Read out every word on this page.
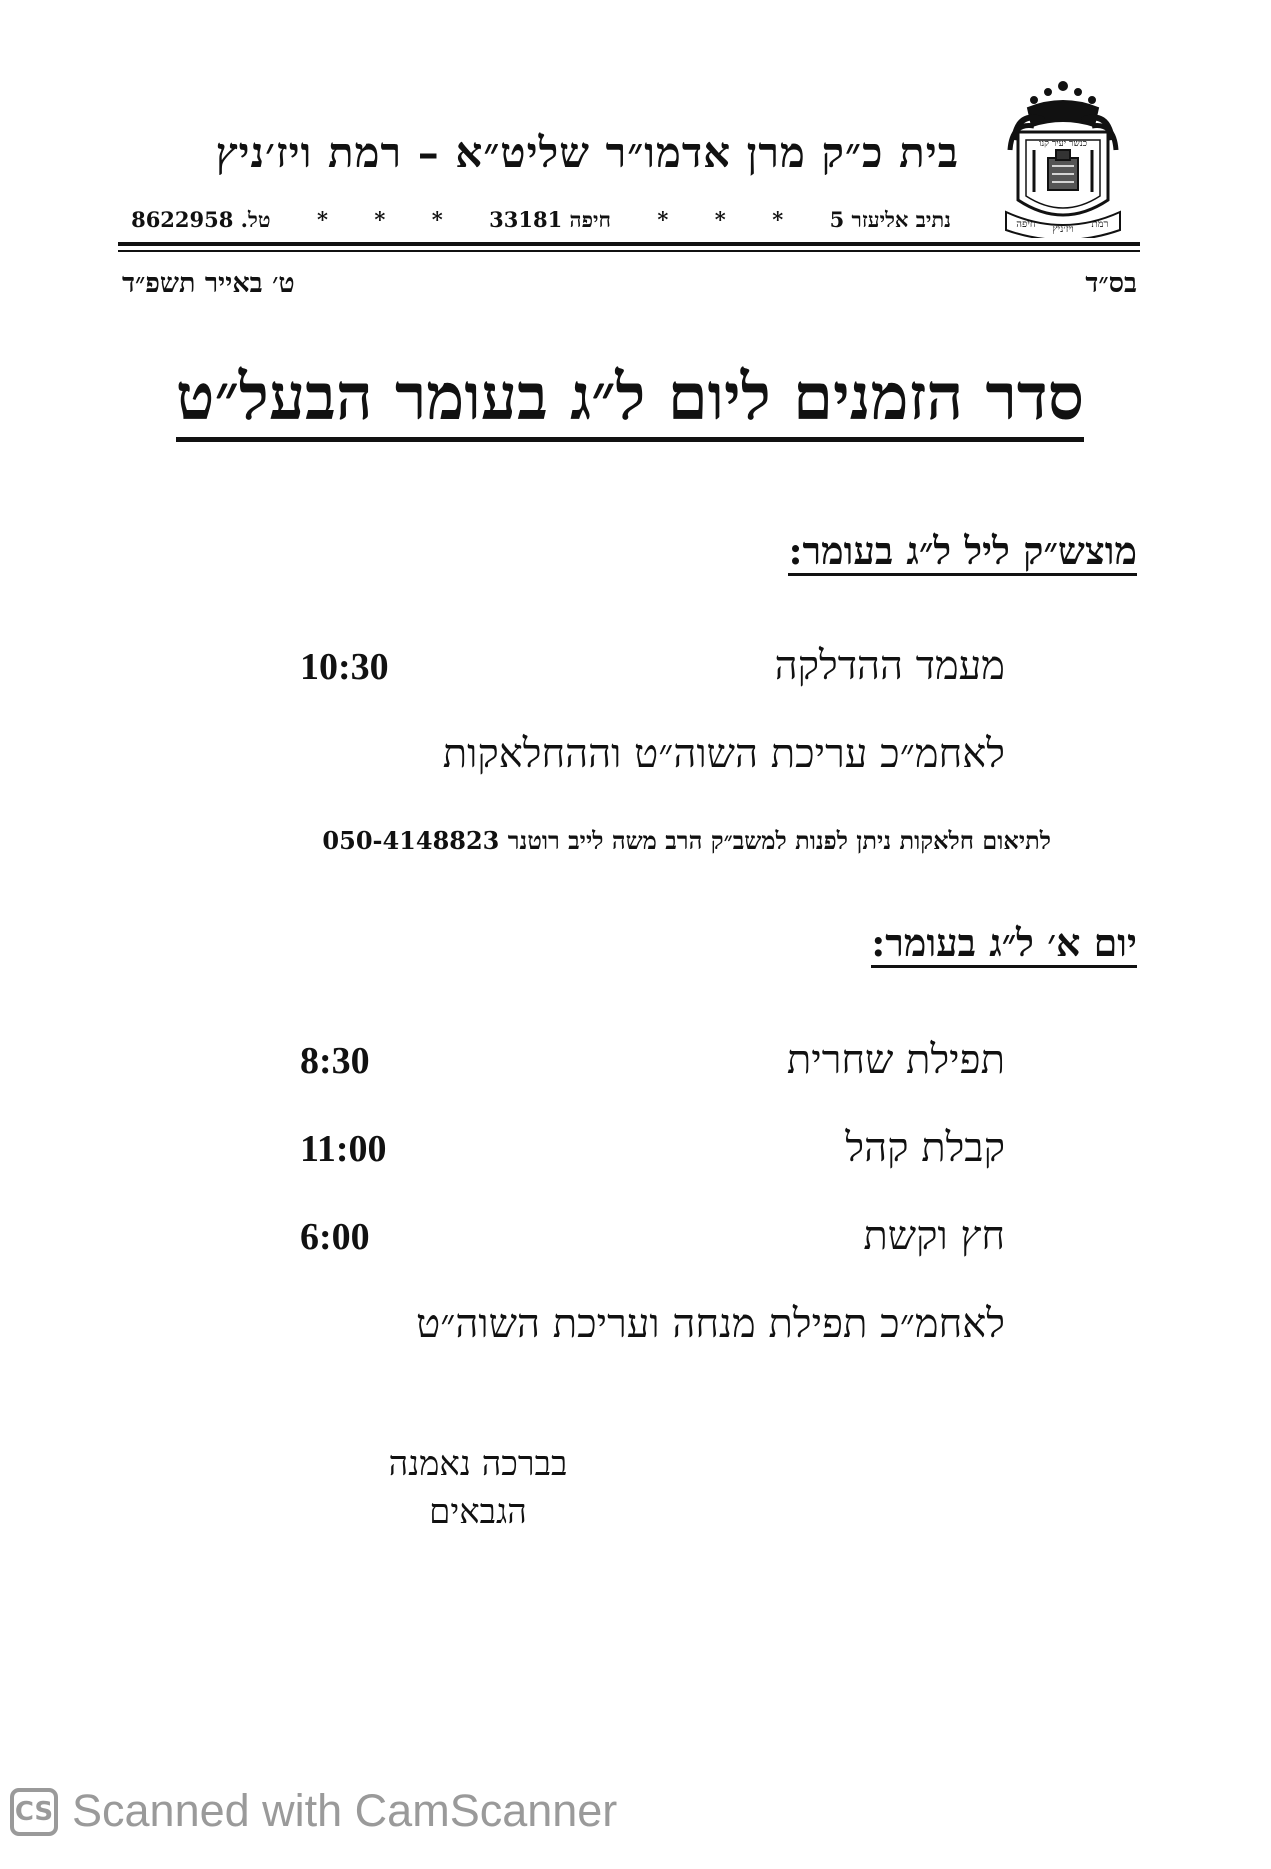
כנשר יעיר קנו
חיפה ויז׳ניץ רמת
בית כ״ק מרן אדמו״ר שליט״א – רמת ויז׳ניץ
נתיב אליעזר 5
*
*
*
חיפה 33181
*
*
*
טל. 8622958
בס״ד
ט׳ באייר תשפ״ד
סדר הזמנים ליום ל״ג בעומר הבעל״ט
מוצש״ק ליל ל״ג בעומר:
מעמד ההדלקה
10:30
לאחמ״כ עריכת השוה״ט וההחלאקות
לתיאום חלאקות ניתן לפנות למשב״ק הרב משה לייב רוטנר 050-4148823
יום א׳ ל״ג בעומר:
תפילת שחרית
8:30
קבלת קהל
11:00
חץ וקשת
6:00
לאחמ״כ תפילת מנחה ועריכת השוה״ט
בברכה נאמנה
הגבאים
CS Scanned with CamScanner
